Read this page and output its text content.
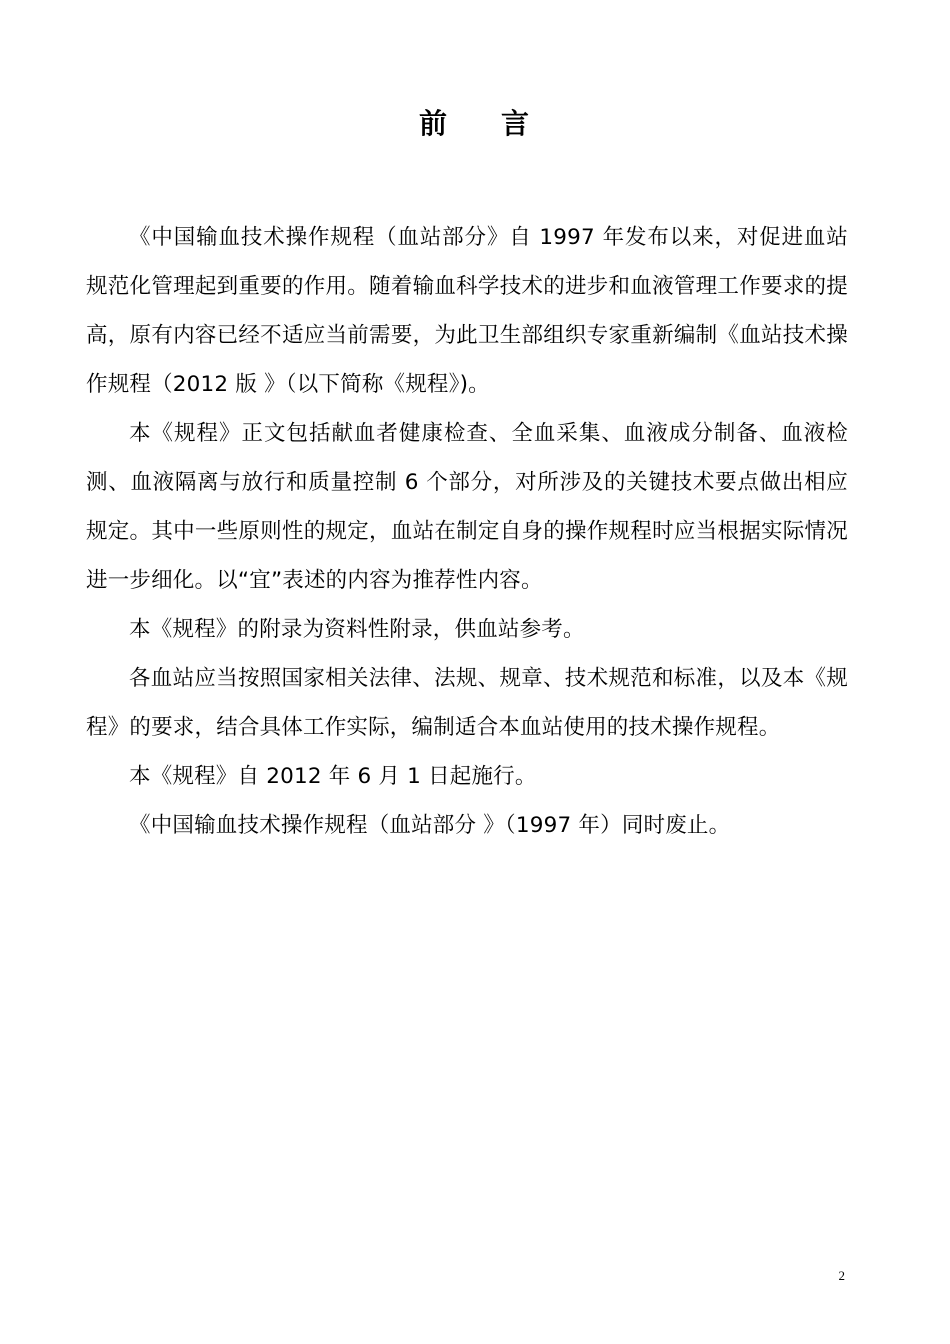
前 言

《中国输血技术操作规程（血站部分》自 1997 年发布以来，对促进血站规范化管理起到重要的作用。随着输血科学技术的进步和血液管理工作要求的提高，原有内容已经不适应当前需要，为此卫生部组织专家重新编制《血站技术操作规程（2012 版 》（以下简称《规程》)。

本《规程》正文包括献血者健康检查、全血采集、血液成分制备、血液检测、血液隔离与放行和质量控制 6 个部分，对所涉及的关键技术要点做出相应规定。其中一些原则性的规定，血站在制定自身的操作规程时应当根据实际情况进一步细化。以“宜”表述的内容为推荐性内容。

本《规程》的附录为资料性附录，供血站参考。

各血站应当按照国家相关法律、法规、规章、技术规范和标准，以及本《规程》的要求，结合具体工作实际，编制适合本血站使用的技术操作规程。

本《规程》自 2012 年 6 月 1 日起施行。

《中国输血技术操作规程（血站部分 》（1997 年）同时废止。

2
